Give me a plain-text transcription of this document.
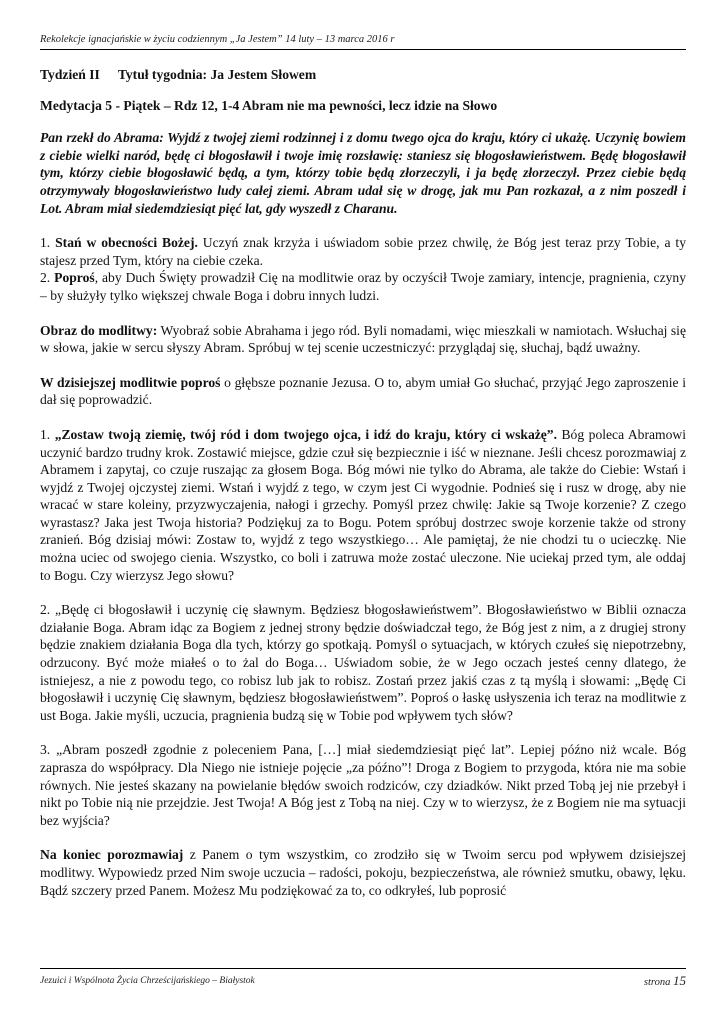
Rekolekcje ignacjańskie w życiu codziennym „Ja Jestem” 14 luty – 13 marca 2016 r

Tydzień II Tytuł tygodnia: Ja Jestem Słowem

Medytacja 5 - Piątek – Rdz 12, 1-4 Abram nie ma pewności, lecz idzie na Słowo

Pan rzekł do Abrama: Wyjdź z twojej ziemi rodzinnej i z domu twego ojca do kraju, który ci ukażę. Uczynię bowiem z ciebie wielki naród, będę ci błogosławił i twoje imię rozsławię: staniesz się błogosławieństwem. Będę błogosławił tym, którzy ciebie błogosławić będą, a tym, którzy tobie będą złorzeczyli, i ja będę złorzeczył. Przez ciebie będą otrzymywały błogosławieństwo ludy całej ziemi. Abram udał się w drogę, jak mu Pan rozkazał, a z nim poszedł i Lot. Abram miał siedemdziesiąt pięć lat, gdy wyszedł z Charanu.

1. Stań w obecności Bożej. Uczyń znak krzyża i uświadom sobie przez chwilę, że Bóg jest teraz przy Tobie, a ty stajesz przed Tym, który na ciebie czeka.

2. Poproś, aby Duch Święty prowadził Cię na modlitwie oraz by oczyścił Twoje zamiary, intencje, pragnienia, czyny – by służyły tylko większej chwale Boga i dobru innych ludzi.

Obraz do modlitwy: Wyobraź sobie Abrahama i jego ród. Byli nomadami, więc mieszkali w namiotach. Wsłuchaj się w słowa, jakie w sercu słyszy Abram. Spróbuj w tej scenie uczestniczyć: przyglądaj się, słuchaj, bądź uważny.

W dzisiejszej modlitwie poproś o głębsze poznanie Jezusa. O to, abym umiał Go słuchać, przyjąć Jego zaproszenie i dał się poprowadzić.

1. „Zostaw twoją ziemię, twój ród i dom twojego ojca, i idź do kraju, który ci wskażę”. Bóg poleca Abramowi uczynić bardzo trudny krok. Zostawić miejsce, gdzie czuł się bezpiecznie i iść w nieznane. Jeśli chcesz porozmawiaj z Abramem i zapytaj, co czuje ruszając za głosem Boga. Bóg mówi nie tylko do Abrama, ale także do Ciebie: Wstań i wyjdź z Twojej ojczystej ziemi. Wstań i wyjdź z tego, w czym jest Ci wygodnie. Podnieś się i rusz w drogę, aby nie wracać w stare koleiny, przyzwyczajenia, nałogi i grzechy. Pomyśl przez chwilę: Jakie są Twoje korzenie? Z czego wyrastasz? Jaka jest Twoja historia? Podziękuj za to Bogu. Potem spróbuj dostrzec swoje korzenie także od strony zranień. Bóg dzisiaj mówi: Zostaw to, wyjdź z tego wszystkiego… Ale pamiętaj, że nie chodzi tu o ucieczkę. Nie można uciec od swojego cienia. Wszystko, co boli i zatruwa może zostać uleczone. Nie uciekaj przed tym, ale oddaj to Bogu. Czy wierzysz Jego słowu?

2. „Będę ci błogosławił i uczynię cię sławnym. Będziesz błogosławieństwem”. Błogosławieństwo w Biblii oznacza działanie Boga. Abram idąc za Bogiem z jednej strony będzie doświadczał tego, że Bóg jest z nim, a z drugiej strony będzie znakiem działania Boga dla tych, którzy go spotkają. Pomyśl o sytuacjach, w których czułeś się niepotrzebny, odrzucony. Być może miałeś o to żal do Boga… Uświadom sobie, że w Jego oczach jesteś cenny dlatego, że istniejesz, a nie z powodu tego, co robisz lub jak to robisz. Zostań przez jakiś czas z tą myślą i słowami: „Będę Ci błogosławił i uczynię Cię sławnym, będziesz błogosławieństwem”. Poproś o łaskę usłyszenia ich teraz na modlitwie z ust Boga. Jakie myśli, uczucia, pragnienia budzą się w Tobie pod wpływem tych słów?

3. „Abram poszedł zgodnie z poleceniem Pana, […] miał siedemdziesiąt pięć lat”. Lepiej późno niż wcale. Bóg zaprasza do współpracy. Dla Niego nie istnieje pojęcie „za późno”! Droga z Bogiem to przygoda, która nie ma sobie równych. Nie jesteś skazany na powielanie błędów swoich rodziców, czy dziadków. Nikt przed Tobą jej nie przebył i nikt po Tobie nią nie przejdzie. Jest Twoja! A Bóg jest z Tobą na niej. Czy w to wierzysz, że z Bogiem nie ma sytuacji bez wyjścia?

Na koniec porozmawiaj z Panem o tym wszystkim, co zrodziło się w Twoim sercu pod wpływem dzisiejszej modlitwy. Wypowiedz przed Nim swoje uczucia – radości, pokoju, bezpieczeństwa, ale również smutku, obawy, lęku. Bądź szczery przed Panem. Możesz Mu podziękować za to, co odkryłeś, lub poprosić

Jezuici i Wspólnota Życia Chrześcijańskiego – Białystok	strona 15
